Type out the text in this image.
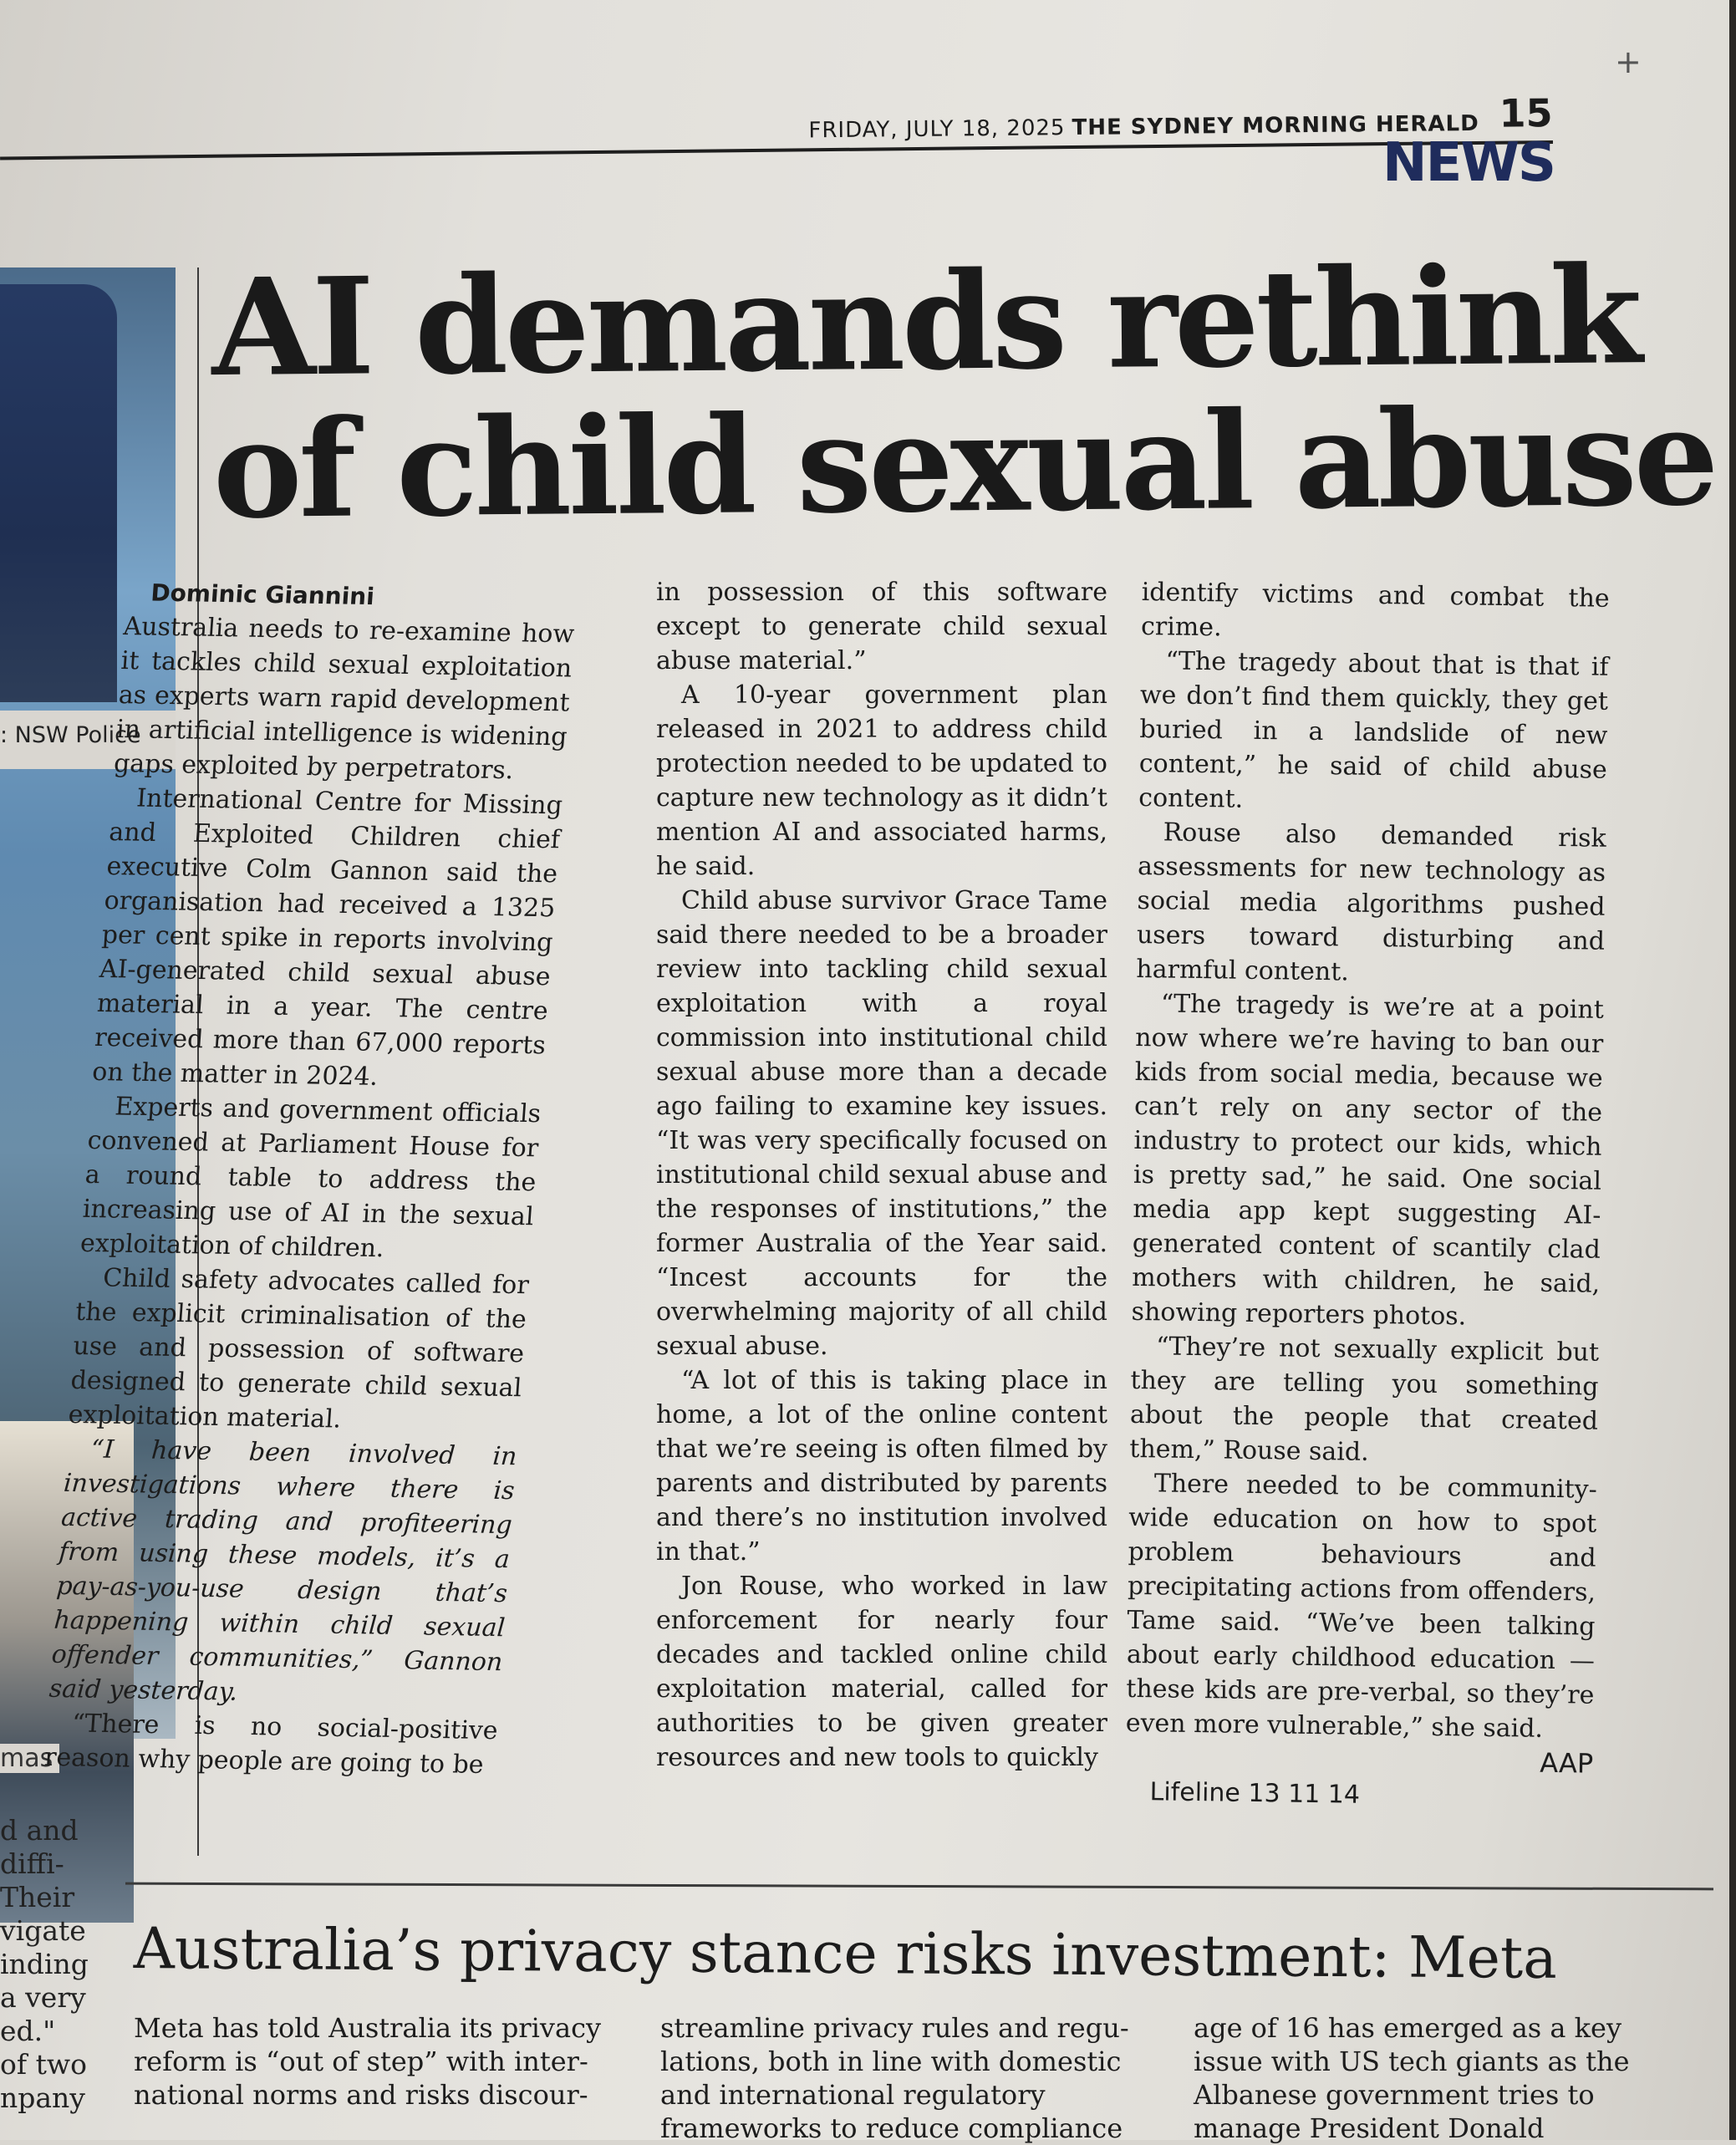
+
FRIDAY, JULY 18, 2025 THE SYDNEY MORNING HERALD 15
NEWS
: NSW Police
mas
d and
diffi-
Their
vigate
inding
a very
ed."
of two
npany
AI demands rethink
of child sexual abuse

Dominic Giannini

Australia needs to re-examine how it tackles child sexual exploitation as experts warn rapid development in artificial intelligence is widening gaps exploited by perpetrators.

International Centre for Missing and Exploited Children chief executive Colm Gannon said the organisation had received a 1325 per cent spike in reports involving AI-generated child sexual abuse material in a year. The centre received more than 67,000 reports on the matter in 2024.

Experts and government officials convened at Parliament House for a round table to address the increasing use of AI in the sexual exploitation of children.

Child safety advocates called for the explicit criminalisation of the use and possession of software designed to generate child sexual exploitation material.

“I have been involved in investigations where there is active trading and profiteering from using these models, it’s a pay-as-you-use design that’s happening within child sexual offender communities,” Gannon said yesterday.

“There is no social-positive reason why people are going to be

in possession of this software except to generate child sexual abuse material.”

A 10-year government plan released in 2021 to address child protection needed to be updated to capture new technology as it didn’t mention AI and associated harms, he said.

Child abuse survivor Grace Tame said there needed to be a broader review into tackling child sexual exploitation with a royal commission into institutional child sexual abuse more than a decade ago failing to examine key issues. “It was very specifically focused on institutional child sexual abuse and the responses of institutions,” the former Australia of the Year said. “Incest accounts for the overwhelming majority of all child sexual abuse.

“A lot of this is taking place in home, a lot of the online content that we’re seeing is often filmed by parents and distributed by parents and there’s no institution involved in that.”

Jon Rouse, who worked in law enforcement for nearly four decades and tackled online child exploitation material, called for authorities to be given greater resources and new tools to quickly

identify victims and combat the crime.

“The tragedy about that is that if we don’t find them quickly, they get buried in a landslide of new content,” he said of child abuse content.

Rouse also demanded risk assessments for new technology as social media algorithms pushed users toward disturbing and harmful content.

“The tragedy is we’re at a point now where we’re having to ban our kids from social media, because we can’t rely on any sector of the industry to protect our kids, which is pretty sad,” he said. One social media app kept suggesting AI-generated content of scantily clad mothers with children, he said, showing reporters photos.

“They’re not sexually explicit but they are telling you something about the people that created them,” Rouse said.

There needed to be community-wide education on how to spot problem behaviours and precipitating actions from offenders, Tame said. “We’ve been talking about early childhood education — these kids are pre-verbal, so they’re even more vulnerable,” she said.

AAP

Lifeline 13 11 14

Australia’s privacy stance risks investment: Meta
Meta has told Australia its privacy
reform is “out of step” with inter-
national norms and risks discour-
streamline privacy rules and regu-
lations, both in line with domestic
and international regulatory
frameworks to reduce compliance
age of 16 has emerged as a key
issue with US tech giants as the
Albanese government tries to
manage President Donald
